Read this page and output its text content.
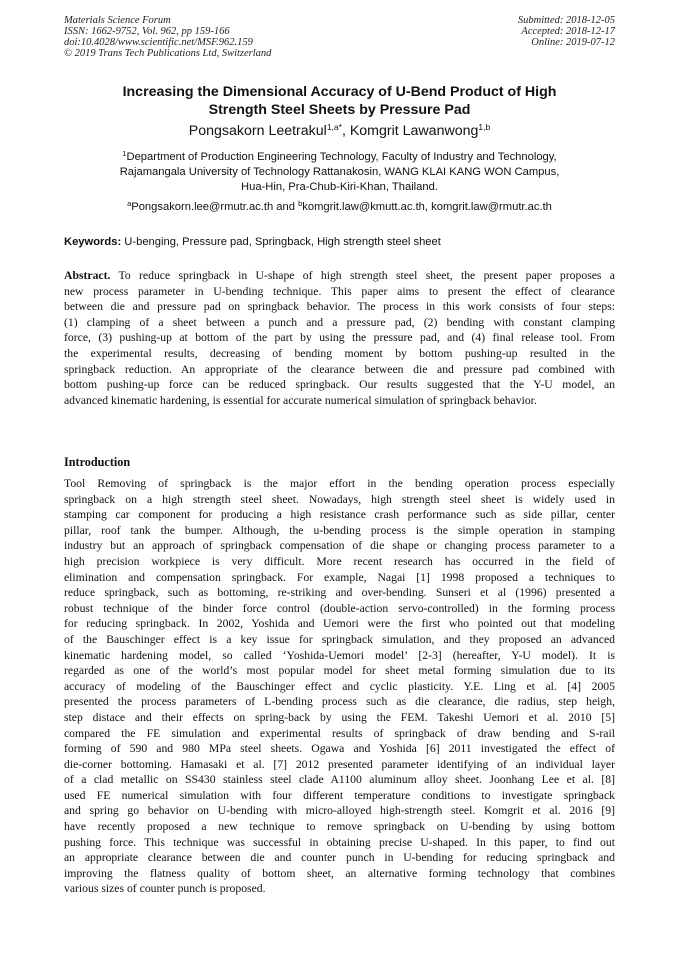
Materials Science Forum
ISSN: 1662-9752, Vol. 962, pp 159-166
doi:10.4028/www.scientific.net/MSF.962.159
© 2019 Trans Tech Publications Ltd, Switzerland
Submitted: 2018-12-05
Accepted: 2018-12-17
Online: 2019-07-12
Increasing the Dimensional Accuracy of U-Bend Product of High
Strength Steel Sheets by Pressure Pad
Pongsakorn Leetrakul$^{1,a*}$, Komgrit Lawanwong$^{1,b}$
$^1$Department of Production Engineering Technology, Faculty of Industry and Technology,
Rajamangala University of Technology Rattanakosin, WANG KLAI KANG WON Campus,
Hua-Hin, Pra-Chub-Kiri-Khan, Thailand.
$^a$Pongsakorn.lee@rmutr.ac.th and $^b$komgrit.law@kmutt.ac.th, komgrit.law@rmutr.ac.th
Keywords: U-benging, Pressure pad, Springback, High strength steel sheet
Abstract. To reduce springback in U-shape of high strength steel sheet, the present paper proposes a
new process parameter in U-bending technique. This paper aims to present the effect of clearance
between die and pressure pad on springback behavior. The process in this work consists of four steps:
(1) clamping of a sheet between a punch and a pressure pad, (2) bending with constant clamping
force, (3) pushing-up at bottom of the part by using the pressure pad, and (4) final release tool. From
the experimental results, decreasing of bending moment by bottom pushing-up resulted in the
springback reduction. An appropriate of the clearance between die and pressure pad combined with
bottom pushing-up force can be reduced springback. Our results suggested that the Y-U model, an
advanced kinematic hardening, is essential for accurate numerical simulation of springback behavior.
Introduction
Tool Removing of springback is the major effort in the bending operation process especially
springback on a high strength steel sheet. Nowadays, high strength steel sheet is widely used in
stamping car component for producing a high resistance crash performance such as side pillar, center
pillar, roof tank the bumper. Although, the u-bending process is the simple operation in stamping
industry but an approach of springback compensation of die shape or changing process parameter to a
high precision workpiece is very difficult. More recent research has occurred in the field of
elimination and compensation springback. For example, Nagai [1] 1998 proposed a techniques to
reduce springback, such as bottoming, re-striking and over-bending. Sunseri et al (1996) presented a
robust technique of the binder force control (double-action servo-controlled) in the forming process
for reducing springback. In 2002, Yoshida and Uemori were the first who pointed out that modeling
of the Bauschinger effect is a key issue for springback simulation, and they proposed an advanced
kinematic hardening model, so called ‘Yoshida-Uemori model’ [2-3] (hereafter, Y-U model). It is
regarded as one of the world’s most popular model for sheet metal forming simulation due to its
accuracy of modeling of the Bauschinger effect and cyclic plasticity. Y.E. Ling et al. [4] 2005
presented the process parameters of L-bending process such as die clearance, die radius, step heigh,
step distace and their effects on spring-back by using the FEM. Takeshi Uemori et al. 2010 [5]
compared the FE simulation and experimental results of springback of draw bending and S-rail
forming of 590 and 980 MPa steel sheets. Ogawa and Yoshida [6] 2011 investigated the effect of
die-corner bottoming. Hamasaki et al. [7] 2012 presented parameter identifying of an individual layer
of a clad metallic on SS430 stainless steel clade A1100 aluminum alloy sheet. Joonhang Lee et al. [8]
used FE numerical simulation with four different temperature conditions to investigate springback
and spring go behavior on U-bending with micro-alloyed high-strength steel. Komgrit et al. 2016 [9]
have recently proposed a new technique to remove springback on U-bending by using bottom
pushing force. This technique was successful in obtaining precise U-shaped. In this paper, to find out
an appropriate clearance between die and counter punch in U-bending for reducing springback and
improving the flatness quality of bottom sheet, an alternative forming technology that combines
various sizes of counter punch is proposed.
